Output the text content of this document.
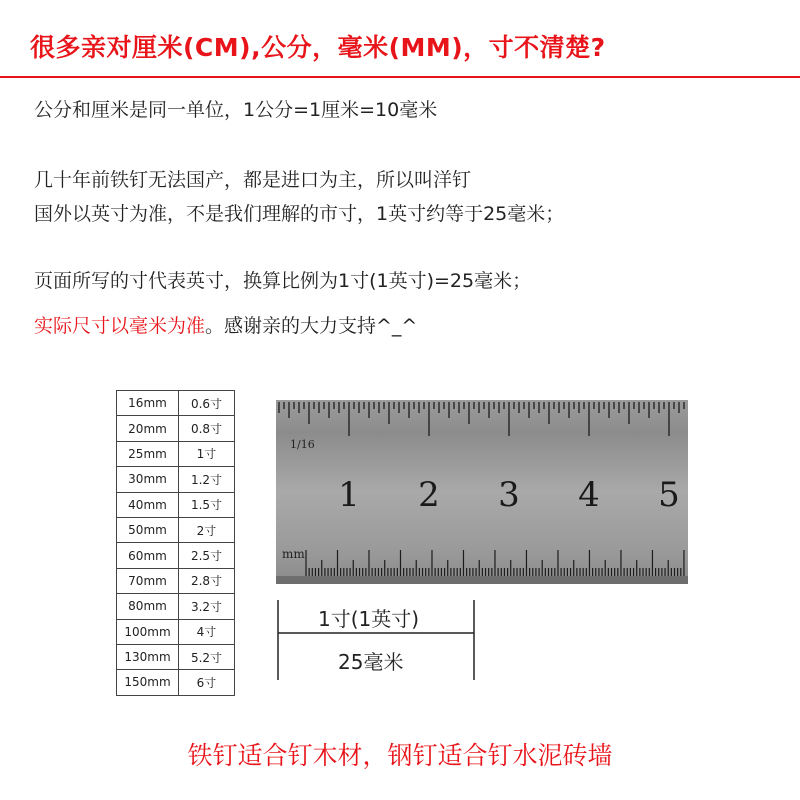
很多亲对厘米(CM),公分，毫米(MM)，寸不清楚?
公分和厘米是同一单位，1公分=1厘米=10毫米
几十年前铁钉无法国产，都是进口为主，所以叫洋钉
国外以英寸为准，不是我们理解的市寸，1英寸约等于25毫米；
页面所写的寸代表英寸，换算比例为1寸(1英寸)=25毫米；
实际尺寸以毫米为准。感谢亲的大力支持^_^
16mm	0.6寸
20mm	0.8寸
25mm	1寸
30mm	1.2寸
40mm	1.5寸
50mm	2寸
60mm	2.5寸
70mm	2.8寸
80mm	3.2寸
100mm	4寸
130mm	5.2寸
150mm	6寸
1 2 3 4 5
1/16
mm
1寸(1英寸)
25毫米
铁钉适合钉木材，钢钉适合钉水泥砖墙
